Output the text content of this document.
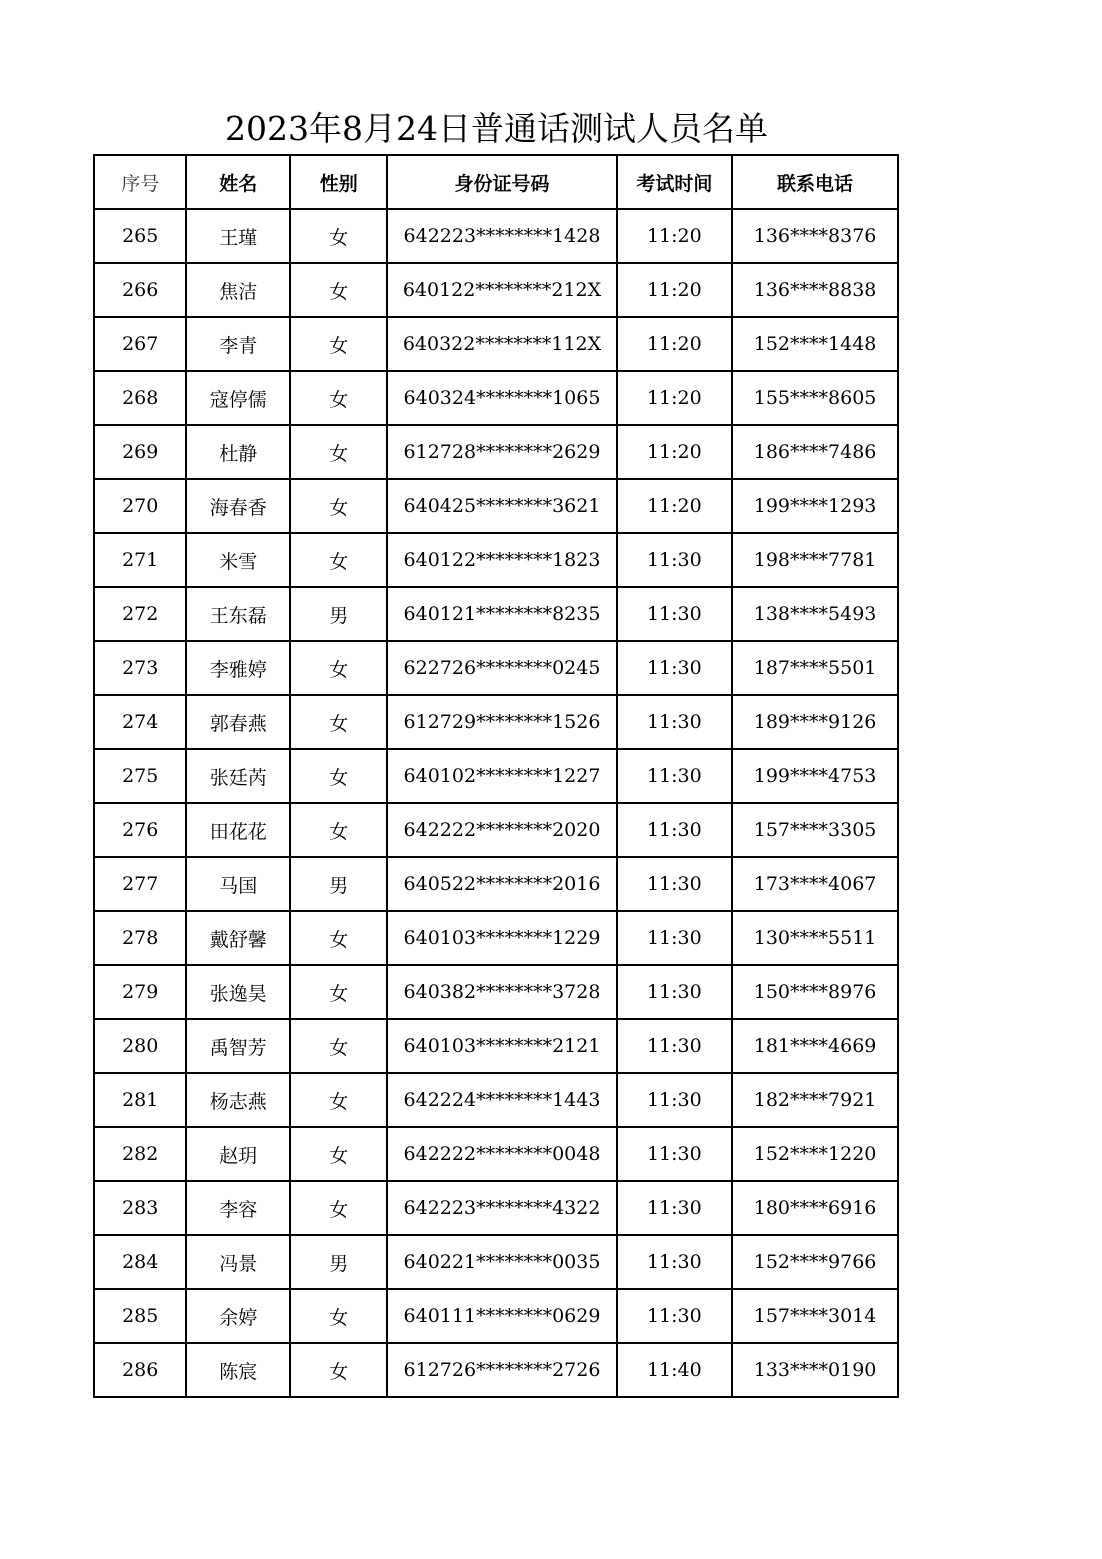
2023年8月24日普通话测试人员名单
序号	姓名	性别	身份证号码	考试时间	联系电话
265	王瑾	女	642223********1428	11:20	136****8376
266	焦洁	女	640122********212X	11:20	136****8838
267	李青	女	640322********112X	11:20	152****1448
268	寇停儒	女	640324********1065	11:20	155****8605
269	杜静	女	612728********2629	11:20	186****7486
270	海春香	女	640425********3621	11:20	199****1293
271	米雪	女	640122********1823	11:30	198****7781
272	王东磊	男	640121********8235	11:30	138****5493
273	李雅婷	女	622726********0245	11:30	187****5501
274	郭春燕	女	612729********1526	11:30	189****9126
275	张廷芮	女	640102********1227	11:30	199****4753
276	田花花	女	642222********2020	11:30	157****3305
277	马国	男	640522********2016	11:30	173****4067
278	戴舒馨	女	640103********1229	11:30	130****5511
279	张逸昊	女	640382********3728	11:30	150****8976
280	禹智芳	女	640103********2121	11:30	181****4669
281	杨志燕	女	642224********1443	11:30	182****7921
282	赵玥	女	642222********0048	11:30	152****1220
283	李容	女	642223********4322	11:30	180****6916
284	冯景	男	640221********0035	11:30	152****9766
285	余婷	女	640111********0629	11:30	157****3014
286	陈宸	女	612726********2726	11:40	133****0190
